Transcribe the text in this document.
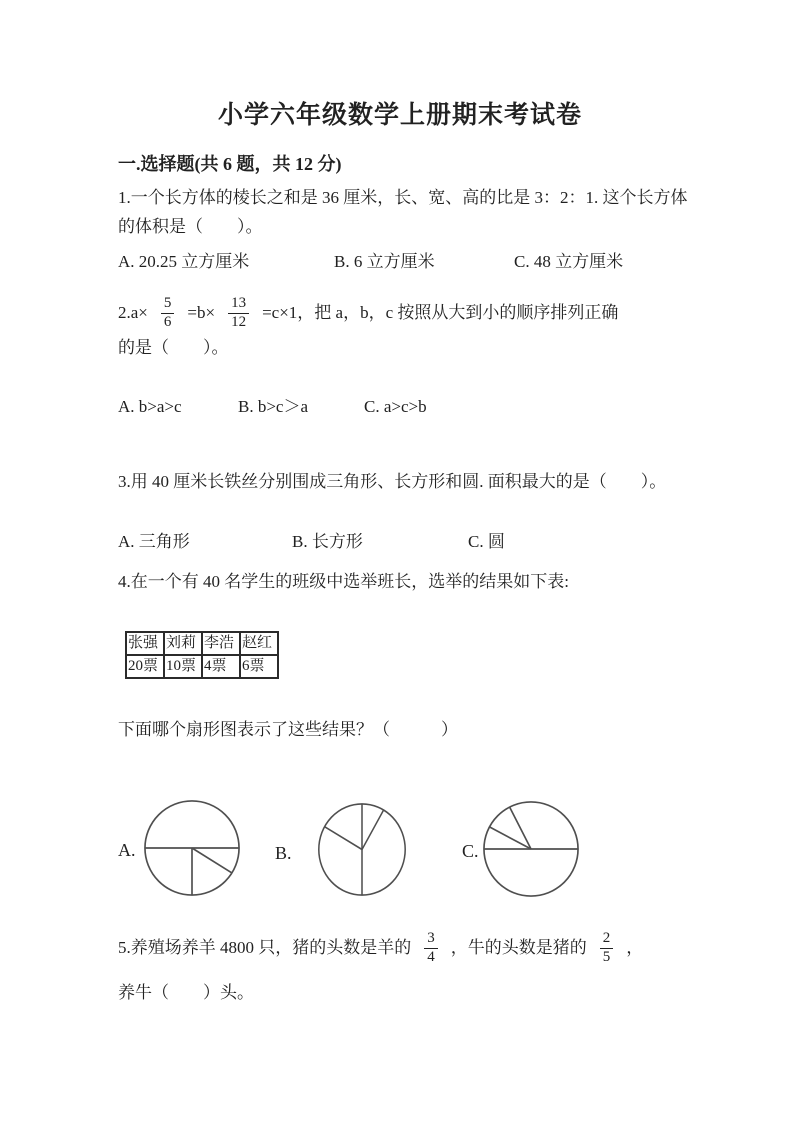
小学六年级数学上册期末考试卷
一.选择题(共 6 题，共 12 分)
1.一个长方体的棱长之和是 36 厘米，长、宽、高的比是 3：2：1. 这个长方体
的体积是（　　）。
A. 20.25 立方厘米	B. 6 立方厘米	C. 48 立方厘米
$2.a\times \frac{5}{6} =b\times \frac{13}{12} =c\times 1$，把 a，b，c 按照从大到小的顺序排列正确
的是（　　）。
A. b>a>c	B. b>c＞a	C. a>c>b
3.用 40 厘米长铁丝分别围成三角形、长方形和圆. 面积最大的是（　　）。
A. 三角形	B. 长方形	C. 圆
4.在一个有 40 名学生的班级中选举班长，选举的结果如下表:
张强	刘莉	李浩	赵红
20票	10票	4票	6票
下面哪个扇形图表示了这些结果？（　　　）
A.	B.	C.
5.养殖场养羊 4800 只，猪的头数是羊的 $\frac{3}{4}$ ，牛的头数是猪的 $\frac{2}{5}$ ，
养牛（　　）头。
